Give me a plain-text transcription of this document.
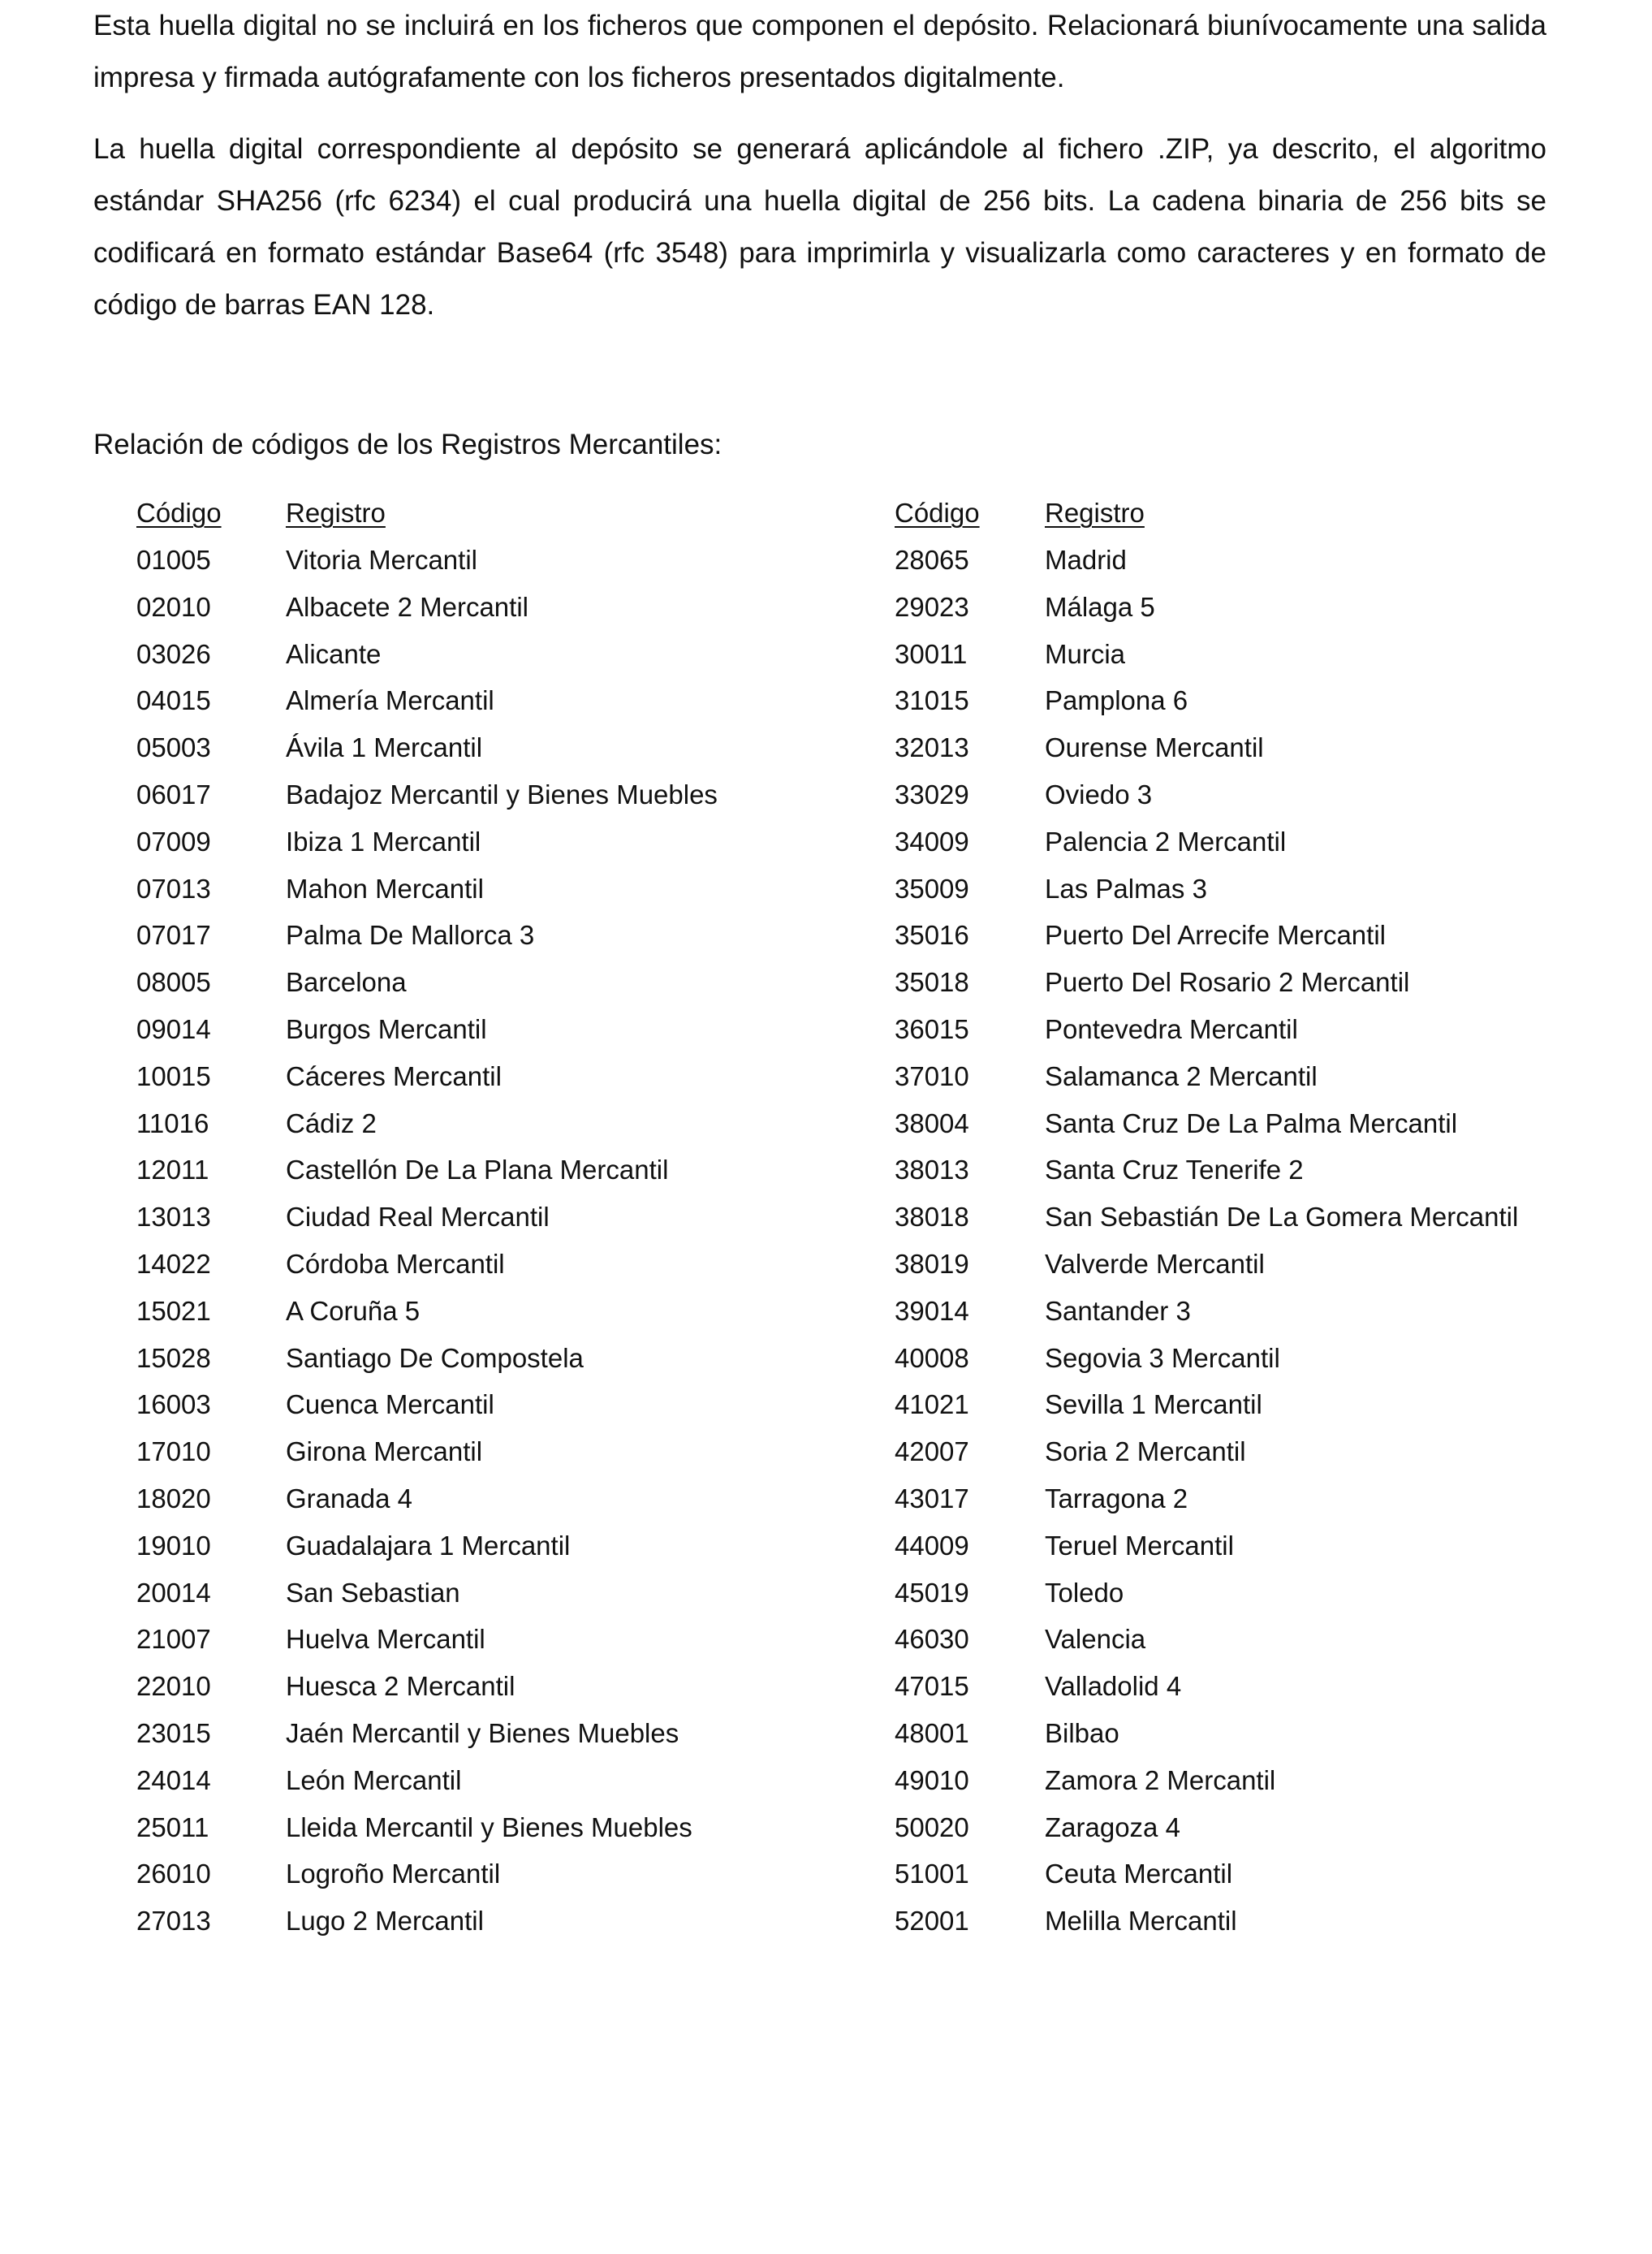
Esta huella digital no se incluirá en los ficheros que componen el depósito. Relacionará biunívocamente una salida impresa y firmada autógrafamente con los ficheros presentados digitalmente.

La huella digital correspondiente al depósito se generará aplicándole al fichero .ZIP, ya descrito, el algoritmo estándar SHA256 (rfc 6234) el cual producirá una huella digital de 256 bits. La cadena binaria de 256 bits se codificará en formato estándar Base64 (rfc 3548) para imprimirla y visualizarla como caracteres y en formato de código de barras EAN 128.

Relación de códigos de los Registros Mercantiles:
Código Registro
01005	Vitoria Mercantil
02010	Albacete 2 Mercantil
03026	Alicante
04015	Almería Mercantil
05003	Ávila 1 Mercantil
06017	Badajoz Mercantil y Bienes Muebles
07009	Ibiza 1 Mercantil
07013	Mahon Mercantil
07017	Palma De Mallorca 3
08005	Barcelona
09014	Burgos Mercantil
10015	Cáceres Mercantil
11016	Cádiz 2
12011	Castellón De La Plana Mercantil
13013	Ciudad Real Mercantil
14022	Córdoba Mercantil
15021	A Coruña 5
15028	Santiago De Compostela
16003	Cuenca Mercantil
17010	Girona Mercantil
18020	Granada 4
19010	Guadalajara 1 Mercantil
20014	San Sebastian
21007	Huelva Mercantil
22010	Huesca 2 Mercantil
23015	Jaén Mercantil y Bienes Muebles
24014	León Mercantil
25011	Lleida Mercantil y Bienes Muebles
26010	Logroño Mercantil
27013	Lugo 2 Mercantil
Código Registro
28065	Madrid
29023	Málaga 5
30011	Murcia
31015	Pamplona 6
32013	Ourense Mercantil
33029	Oviedo 3
34009	Palencia 2 Mercantil
35009	Las Palmas 3
35016	Puerto Del Arrecife Mercantil
35018	Puerto Del Rosario 2 Mercantil
36015	Pontevedra Mercantil
37010	Salamanca 2 Mercantil
38004	Santa Cruz De La Palma Mercantil
38013	Santa Cruz Tenerife 2
38018	San Sebastián De La Gomera Mercantil
38019	Valverde Mercantil
39014	Santander 3
40008	Segovia 3 Mercantil
41021	Sevilla 1 Mercantil
42007	Soria 2 Mercantil
43017	Tarragona 2
44009	Teruel Mercantil
45019	Toledo
46030	Valencia
47015	Valladolid 4
48001	Bilbao
49010	Zamora 2 Mercantil
50020	Zaragoza 4
51001	Ceuta Mercantil
52001	Melilla Mercantil
